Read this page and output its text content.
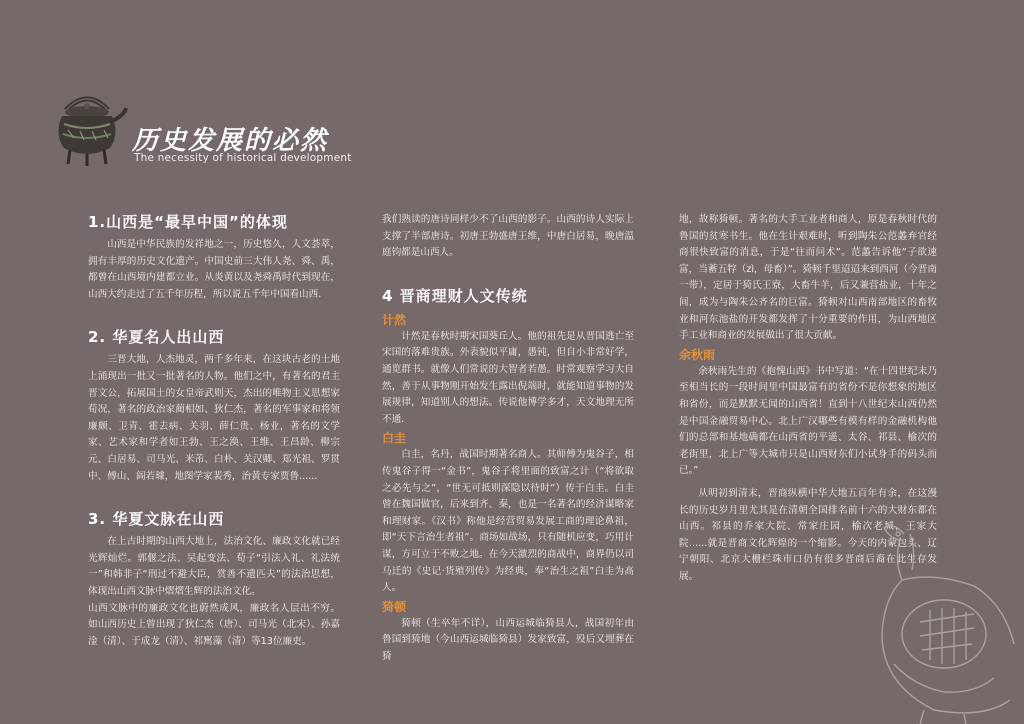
历史发展的必然
The necessity of historical development
1.山西是“最早中国”的体现
山西是中华民族的发祥地之一，历史悠久，人文荟萃，拥有丰厚的历史文化遗产。中国史前三大伟人尧、舜、禹，都曾在山西境内建都立业。从炎黄以及尧舜禹时代到现在，山西大约走过了五千年历程，所以说五千年中国看山西.
2. 华夏名人出山西
三晋大地，人杰地灵，两千多年来，在这块古老的土地上涌现出一批又一批著名的人物。他们之中，有著名的君主晋文公，拓展国土的女皇帝武则天，杰出的唯物主义思想家荀况，著名的政治家蔺相如、狄仁杰，著名的军事家和将领廉颇、卫青、霍去病、关羽、薛仁贵、杨业，著名的文学家、艺术家和学者如王勃、王之涣、王维、王昌龄、柳宗元、白居易、司马光、米芾、白朴、关汉卿、郑光祖、罗贯中、傅山、阎若璩，地图学家裴秀，治黄专家贾鲁......
3. 华夏文脉在山西
在上古时期的山西大地上，法治文化、廉政文化就已经光辉灿烂。郭偃之法、吴起变法、荀子“引法入礼、礼法统一”和韩非子“刑过不避大臣，赏善不遗匹夫”的法治思想，体现出山西文脉中熠熠生辉的法治文化。
山西文脉中的廉政文化也蔚然成风，廉政名人层出不穷。 如山西历史上曾出现了狄仁杰（唐）、司马光（北宋）、孙嘉淦（清）、于成龙（清）、祁寯藻（清）等13位廉吏。
我们熟读的唐诗同样少不了山西的影子。山西的诗人实际上支撑了半部唐诗。初唐王勃盛唐王维，中唐白居易，晚唐温庭钧都是山西人。
4 晋商理财人文传统
计然
计然是春秋时期宋国葵丘人。他的祖先是从晋国逃亡至宋国的落难贵族。外表貌似平庸，愚钝，但自小非常好学，通览群书。就像人们常说的大智者若愚。时常观察学习大自然，善于从事物刚开始发生露出倪端时，就能知道事物的发展规律，知道别人的想法。传说他博学多才，天文地理无所不通.
白圭
白圭，名丹，战国时期著名商人。其师傅为鬼谷子，相传鬼谷子得一“金书”，鬼谷子将里面的致富之计（“将欲取之必先与之”，“世无可抵则深隐以待时”）传于白圭。白圭曾在魏国做官，后来到齐、秦，也是一名著名的经济谋略家和理财家。《汉书》称他是经营贸易发展工商的理论鼻祖，即“天下言治生者祖”。商场如战场，只有随机应变，巧用计谋，方可立于不败之地。在今天激烈的商战中，商界仍以司马迁的《史记·货殖列传》为经典，奉“治生之祖”白圭为高人。
猗顿
猗顿（生卒年不详），山西运城临猗县人，战国初年由鲁国到猗地（今山西运城临猗县）发家致富，殁后又埋葬在猗
地，故称猗顿。著名的大手工业者和商人，原是春秋时代的鲁国的贫寒书生。他在生计艰难时，听到陶朱公范蠡弃官经商很快致富的消息，于是“往而问术”。范蠡告诉他“子欲速富，当蓄五牸（zì，母畜）”。猗顿千里迢迢来到西河（今晋南一带），定居于猗氏王寮，大畜牛羊，后又兼营盐业，十年之间，成为与陶朱公齐名的巨富。猗顿对山西南部地区的畜牧业和河东池盐的开发都发挥了十分重要的作用，为山西地区手工业和商业的发展做出了很大贡献。
余秋雨
余秋雨先生的《抱愧山西》书中写道：“在十四世纪末乃至相当长的一段时间里中国最富有的省份不是你想象的地区和省份，而是默默无闻的山西省！直到十八世纪末山西仍然是中国金融贸易中心。北上广汉哪些有模有样的金融机构他们的总部和基地确都在山西省的平遥、太谷、祁县、榆次的老街里，北上广等大城市只是山西财东们小试身手的码头而已。”
从明初到清末，晋商纵横中华大地五百年有余，在这漫长的历史岁月里尤其是在清朝全国排名前十六的大财东都在山西。祁县的乔家大院、常家庄园，榆次老城，王家大院......就是晋商文化辉煌的一个缩影。今天的内蒙包头、辽宁朝阳、北京大栅栏珠市口仍有很多晋商后裔在此生存发展。
